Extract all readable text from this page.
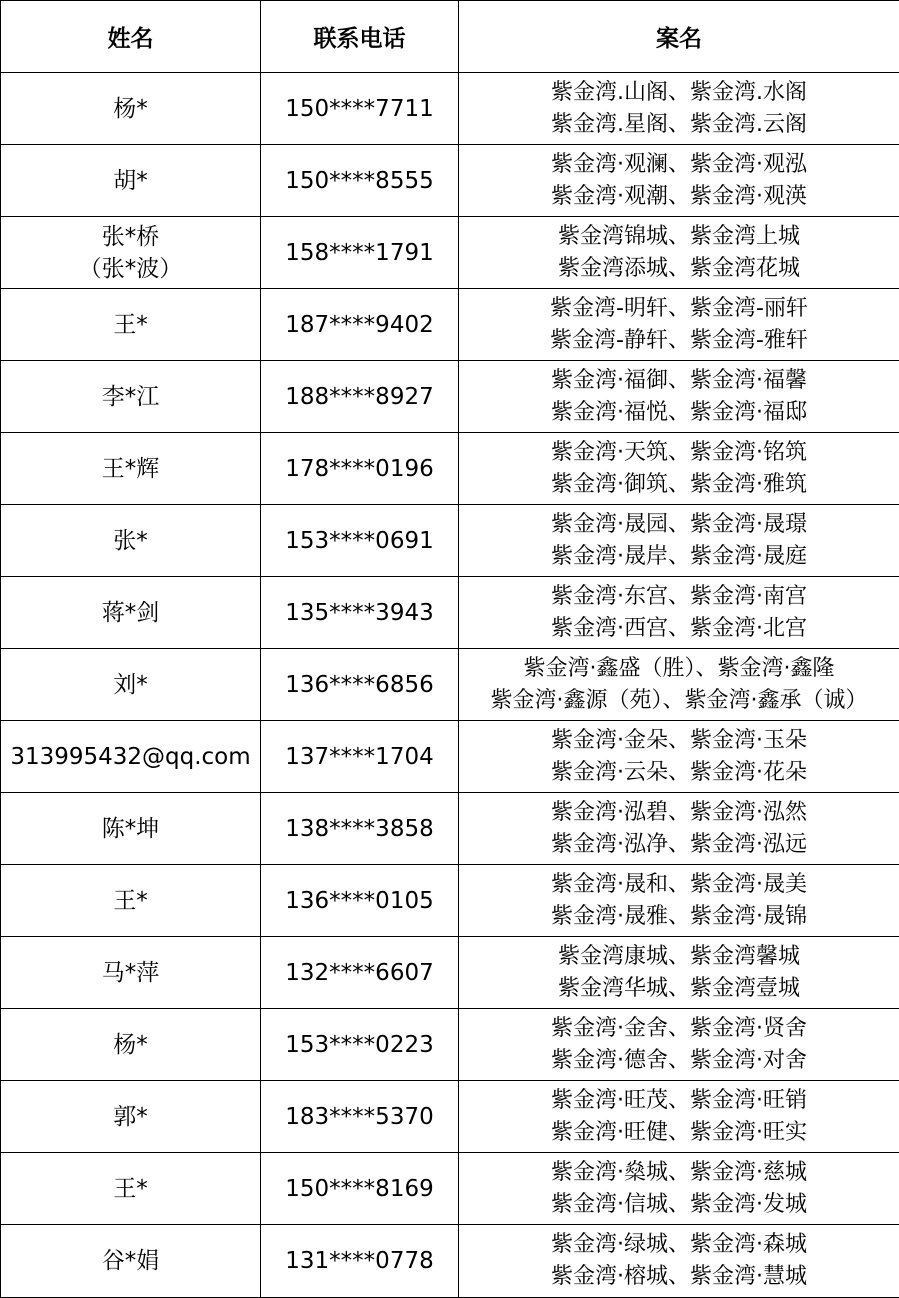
姓名	联系电话	案名

杨*	150****7711	紫金湾.山阁、紫金湾.水阁
紫金湾.星阁、紫金湾.云阁

胡*	150****8555	紫金湾·观澜、紫金湾·观泓
紫金湾·观潮、紫金湾·观渶

张*桥
（张*波）	158****1791	紫金湾锦城、紫金湾上城
紫金湾添城、紫金湾花城

王*	187****9402	紫金湾-明轩、紫金湾-丽轩
紫金湾-静轩、紫金湾-雅轩

李*江	188****8927	紫金湾·福御、紫金湾·福馨
紫金湾·福悦、紫金湾·福邸

王*辉	178****0196	紫金湾·天筑、紫金湾·铭筑
紫金湾·御筑、紫金湾·雅筑

张*	153****0691	紫金湾·晟园、紫金湾·晟璟
紫金湾·晟岸、紫金湾·晟庭

蒋*剑	135****3943	紫金湾·东宫、紫金湾·南宫
紫金湾·西宫、紫金湾·北宫

刘*	136****6856	紫金湾·鑫盛（胜）、紫金湾·鑫隆
紫金湾·鑫源（苑）、紫金湾·鑫承（诚）

313995432@qq.com	137****1704	紫金湾·金朵、紫金湾·玉朵
紫金湾·云朵、紫金湾·花朵

陈*坤	138****3858	紫金湾·泓碧、紫金湾·泓然
紫金湾·泓净、紫金湾·泓远

王*	136****0105	紫金湾·晟和、紫金湾·晟美
紫金湾·晟雅、紫金湾·晟锦

马*萍	132****6607	紫金湾康城、紫金湾馨城
紫金湾华城、紫金湾壹城

杨*	153****0223	紫金湾·金舍、紫金湾·贤舍
紫金湾·德舍、紫金湾·对舍

郭*	183****5370	紫金湾·旺茂、紫金湾·旺销
紫金湾·旺健、紫金湾·旺实

王*	150****8169	紫金湾·燊城、紫金湾·慈城
紫金湾·信城、紫金湾·发城

谷*娟	131****0778	紫金湾·绿城、紫金湾·森城
紫金湾·榕城、紫金湾·慧城
